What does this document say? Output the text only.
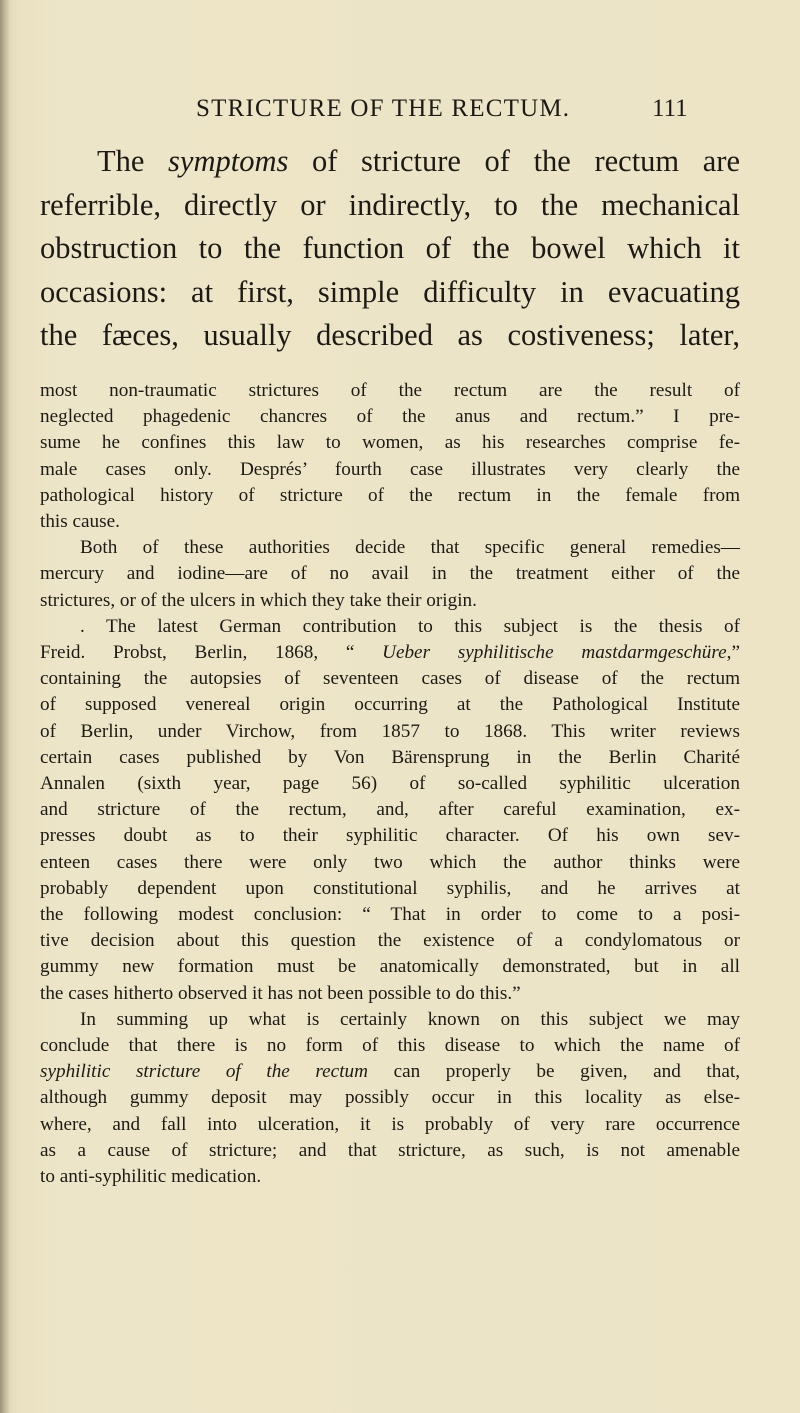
STRICTURE OF THE RECTUM.	111

The symptoms of stricture of the rectum are
referrible, directly or indirectly, to the mechanical
obstruction to the function of the bowel which it
occasions: at first, simple difficulty in evacuating
the fæces, usually described as costiveness; later,

most non-traumatic strictures of the rectum are the result of
neglected phagedenic chancres of the anus and rectum.” I pre-
sume he confines this law to women, as his researches comprise fe-
male cases only. Després’ fourth case illustrates very clearly the
pathological history of stricture of the rectum in the female from
this cause.
Both of these authorities decide that specific general remedies—
mercury and iodine—are of no avail in the treatment either of the
strictures, or of the ulcers in which they take their origin.
. The latest German contribution to this subject is the thesis of
Freid. Probst, Berlin, 1868, “ Ueber syphilitische mastdarmgeschüre,”
containing the autopsies of seventeen cases of disease of the rectum
of supposed venereal origin occurring at the Pathological Institute
of Berlin, under Virchow, from 1857 to 1868. This writer reviews
certain cases published by Von Bärensprung in the Berlin Charité
Annalen (sixth year, page 56) of so-called syphilitic ulceration
and stricture of the rectum, and, after careful examination, ex-
presses doubt as to their syphilitic character. Of his own sev-
enteen cases there were only two which the author thinks were
probably dependent upon constitutional syphilis, and he arrives at
the following modest conclusion: “ That in order to come to a posi-
tive decision about this question the existence of a condylomatous or
gummy new formation must be anatomically demonstrated, but in all
the cases hitherto observed it has not been possible to do this.”
In summing up what is certainly known on this subject we may
conclude that there is no form of this disease to which the name of
syphilitic stricture of the rectum can properly be given, and that,
although gummy deposit may possibly occur in this locality as else-
where, and fall into ulceration, it is probably of very rare occurrence
as a cause of stricture; and that stricture, as such, is not amenable
to anti-syphilitic medication.
